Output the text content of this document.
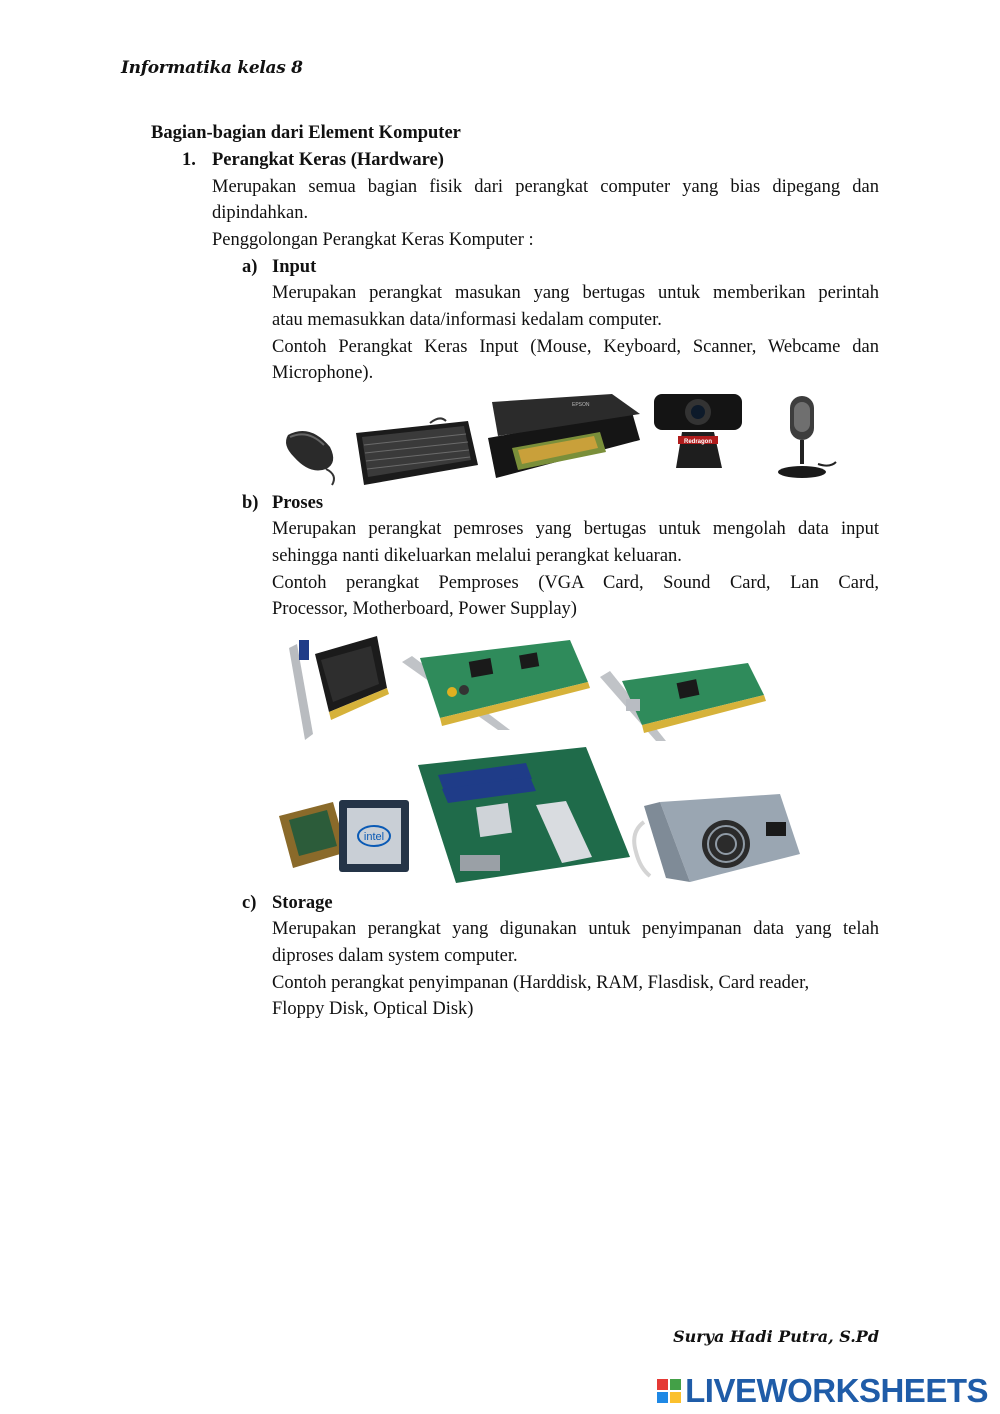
Informatika kelas 8
Bagian-bagian dari Element Komputer
1. Perangkat Keras (Hardware)
Merupakan semua bagian fisik dari perangkat computer yang bias dipegang dan
dipindahkan.
Penggolongan Perangkat Keras Komputer :
a) Input
Merupakan perangkat masukan yang bertugas untuk memberikan perintah
atau memasukkan data/informasi kedalam computer.
Contoh Perangkat Keras Input (Mouse, Keyboard, Scanner, Webcame dan
Microphone).
EPSON
Redragon
b) Proses
Merupakan perangkat pemroses yang bertugas untuk mengolah data input
sehingga nanti dikeluarkan melalui perangkat keluaran.
Contoh perangkat Pemproses (VGA Card, Sound Card, Lan Card,
Processor, Motherboard, Power Supplay)
intel
c) Storage
Merupakan perangkat yang digunakan untuk penyimpanan data yang telah
diproses dalam system computer.
Contoh perangkat penyimpanan (Harddisk, RAM, Flasdisk, Card reader,
Floppy Disk, Optical Disk)
Surya Hadi Putra, S.Pd
LIVEWORKSHEETS
